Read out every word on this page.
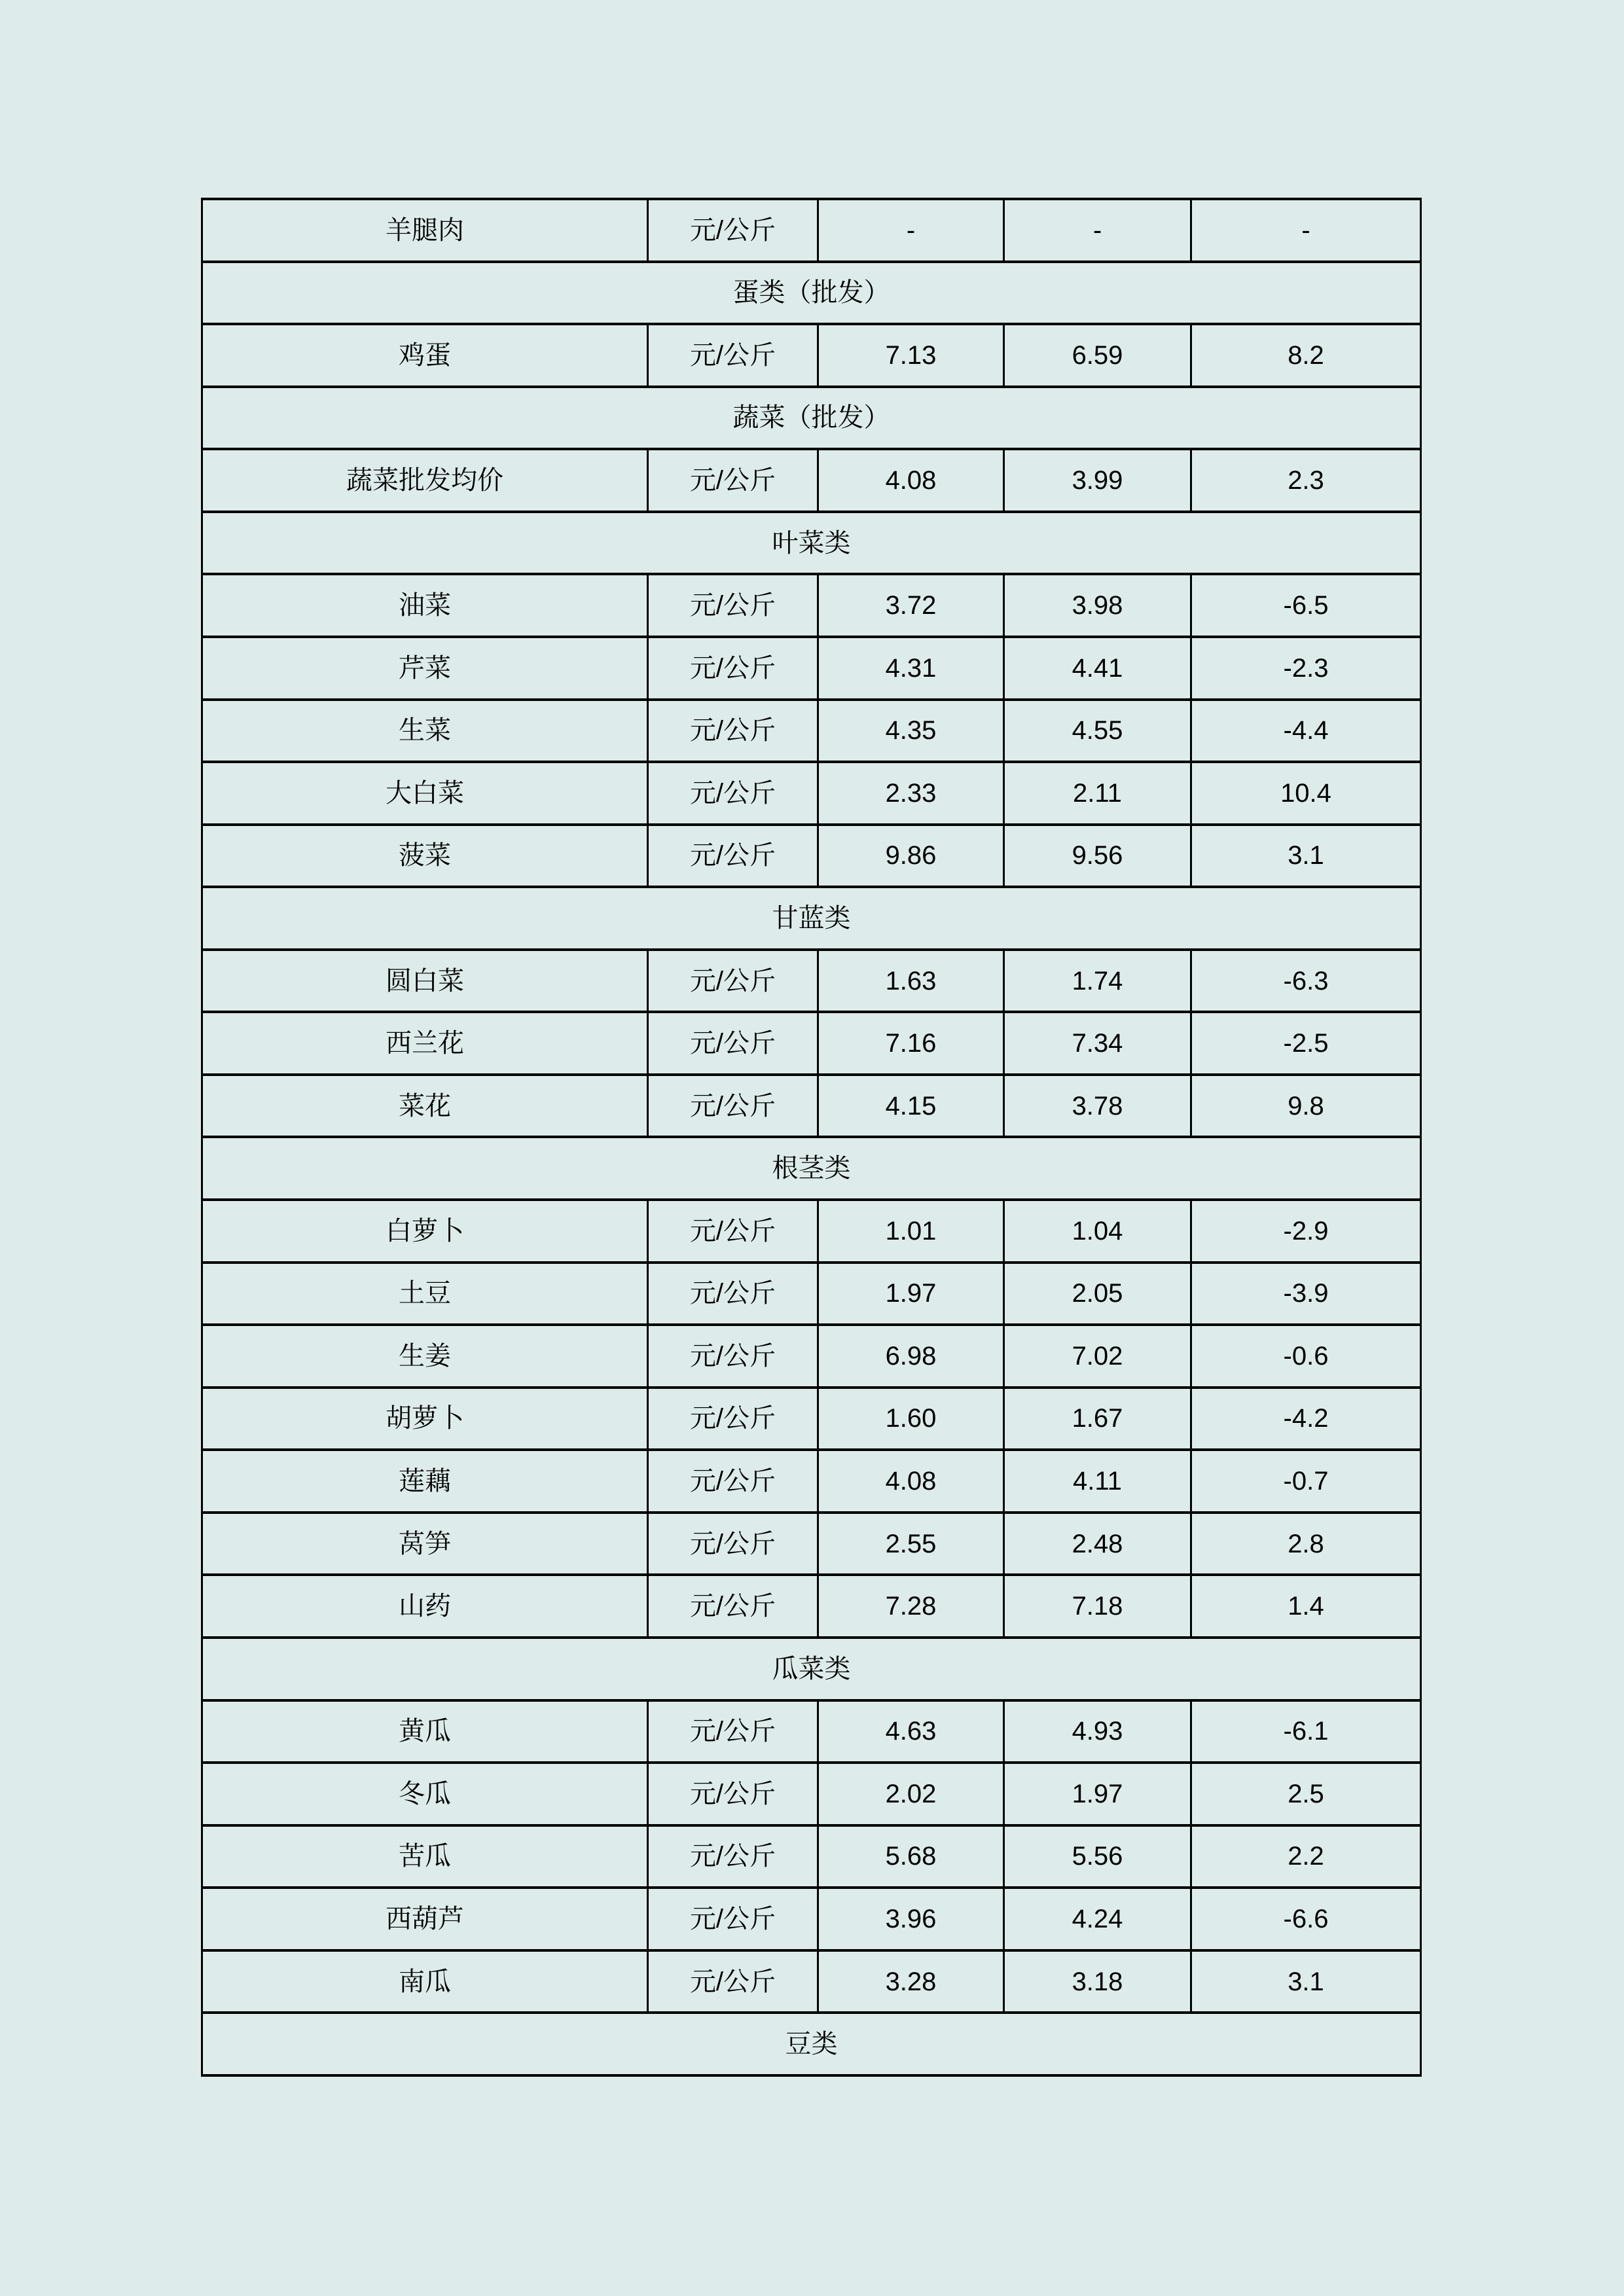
羊腿肉	元/公斤	-	-	-
蛋类（批发）
鸡蛋	元/公斤	7.13	6.59	8.2
蔬菜（批发）
蔬菜批发均价	元/公斤	4.08	3.99	2.3
叶菜类
油菜	元/公斤	3.72	3.98	-6.5
芹菜	元/公斤	4.31	4.41	-2.3
生菜	元/公斤	4.35	4.55	-4.4
大白菜	元/公斤	2.33	2.11	10.4
菠菜	元/公斤	9.86	9.56	3.1
甘蓝类
圆白菜	元/公斤	1.63	1.74	-6.3
西兰花	元/公斤	7.16	7.34	-2.5
菜花	元/公斤	4.15	3.78	9.8
根茎类
白萝卜	元/公斤	1.01	1.04	-2.9
土豆	元/公斤	1.97	2.05	-3.9
生姜	元/公斤	6.98	7.02	-0.6
胡萝卜	元/公斤	1.60	1.67	-4.2
莲藕	元/公斤	4.08	4.11	-0.7
莴笋	元/公斤	2.55	2.48	2.8
山药	元/公斤	7.28	7.18	1.4
瓜菜类
黄瓜	元/公斤	4.63	4.93	-6.1
冬瓜	元/公斤	2.02	1.97	2.5
苦瓜	元/公斤	5.68	5.56	2.2
西葫芦	元/公斤	3.96	4.24	-6.6
南瓜	元/公斤	3.28	3.18	3.1
豆类
